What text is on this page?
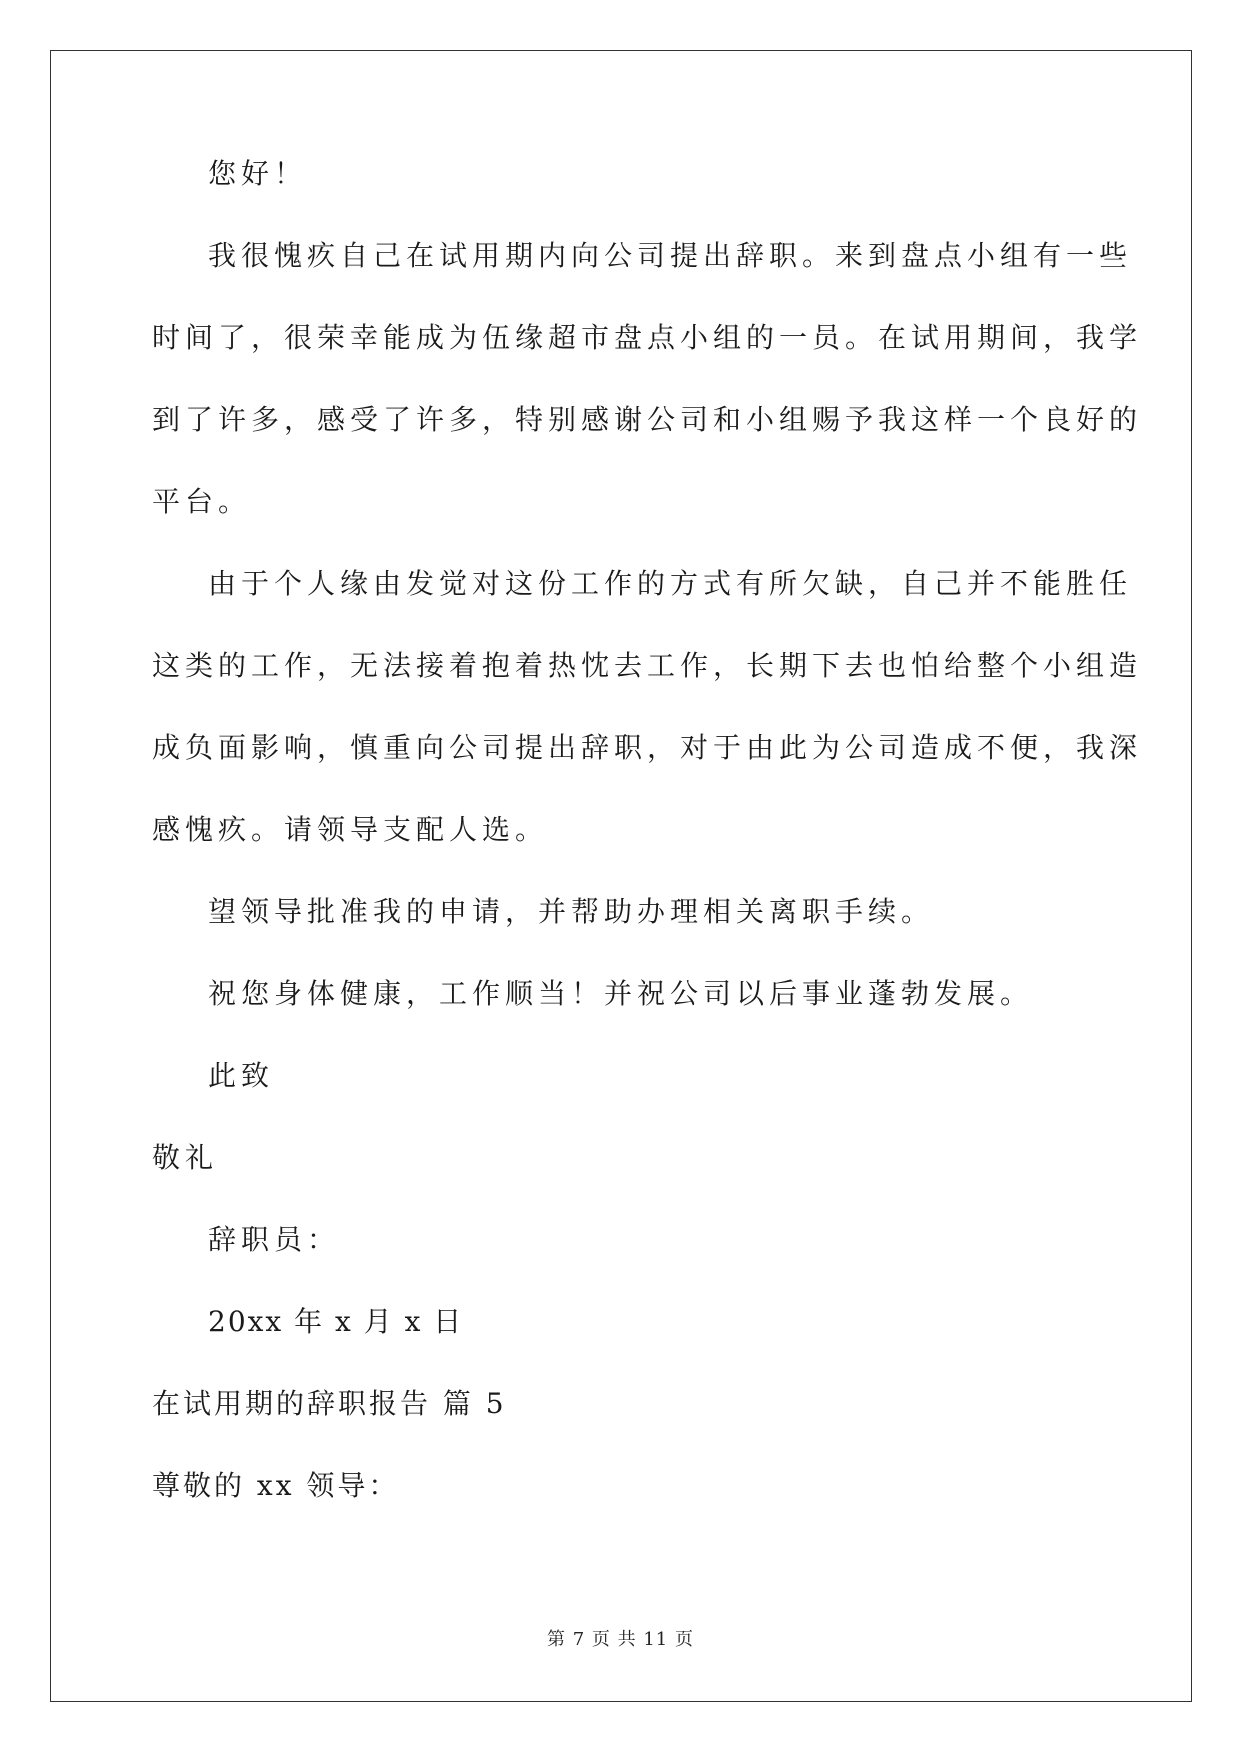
您好！
我很愧疚自己在试用期内向公司提出辞职。来到盘点小组有一些
时间了，很荣幸能成为伍缘超市盘点小组的一员。在试用期间，我学
到了许多，感受了许多，特别感谢公司和小组赐予我这样一个良好的
平台。
由于个人缘由发觉对这份工作的方式有所欠缺，自己并不能胜任
这类的工作，无法接着抱着热忱去工作，长期下去也怕给整个小组造
成负面影响，慎重向公司提出辞职，对于由此为公司造成不便，我深
感愧疚。请领导支配人选。
望领导批准我的申请，并帮助办理相关离职手续。
祝您身体健康，工作顺当！并祝公司以后事业蓬勃发展。
此致
敬礼
辞职员：
20xx 年 x 月 x 日
在试用期的辞职报告 篇 5
尊敬的 xx 领导：
第 7 页 共 11 页
